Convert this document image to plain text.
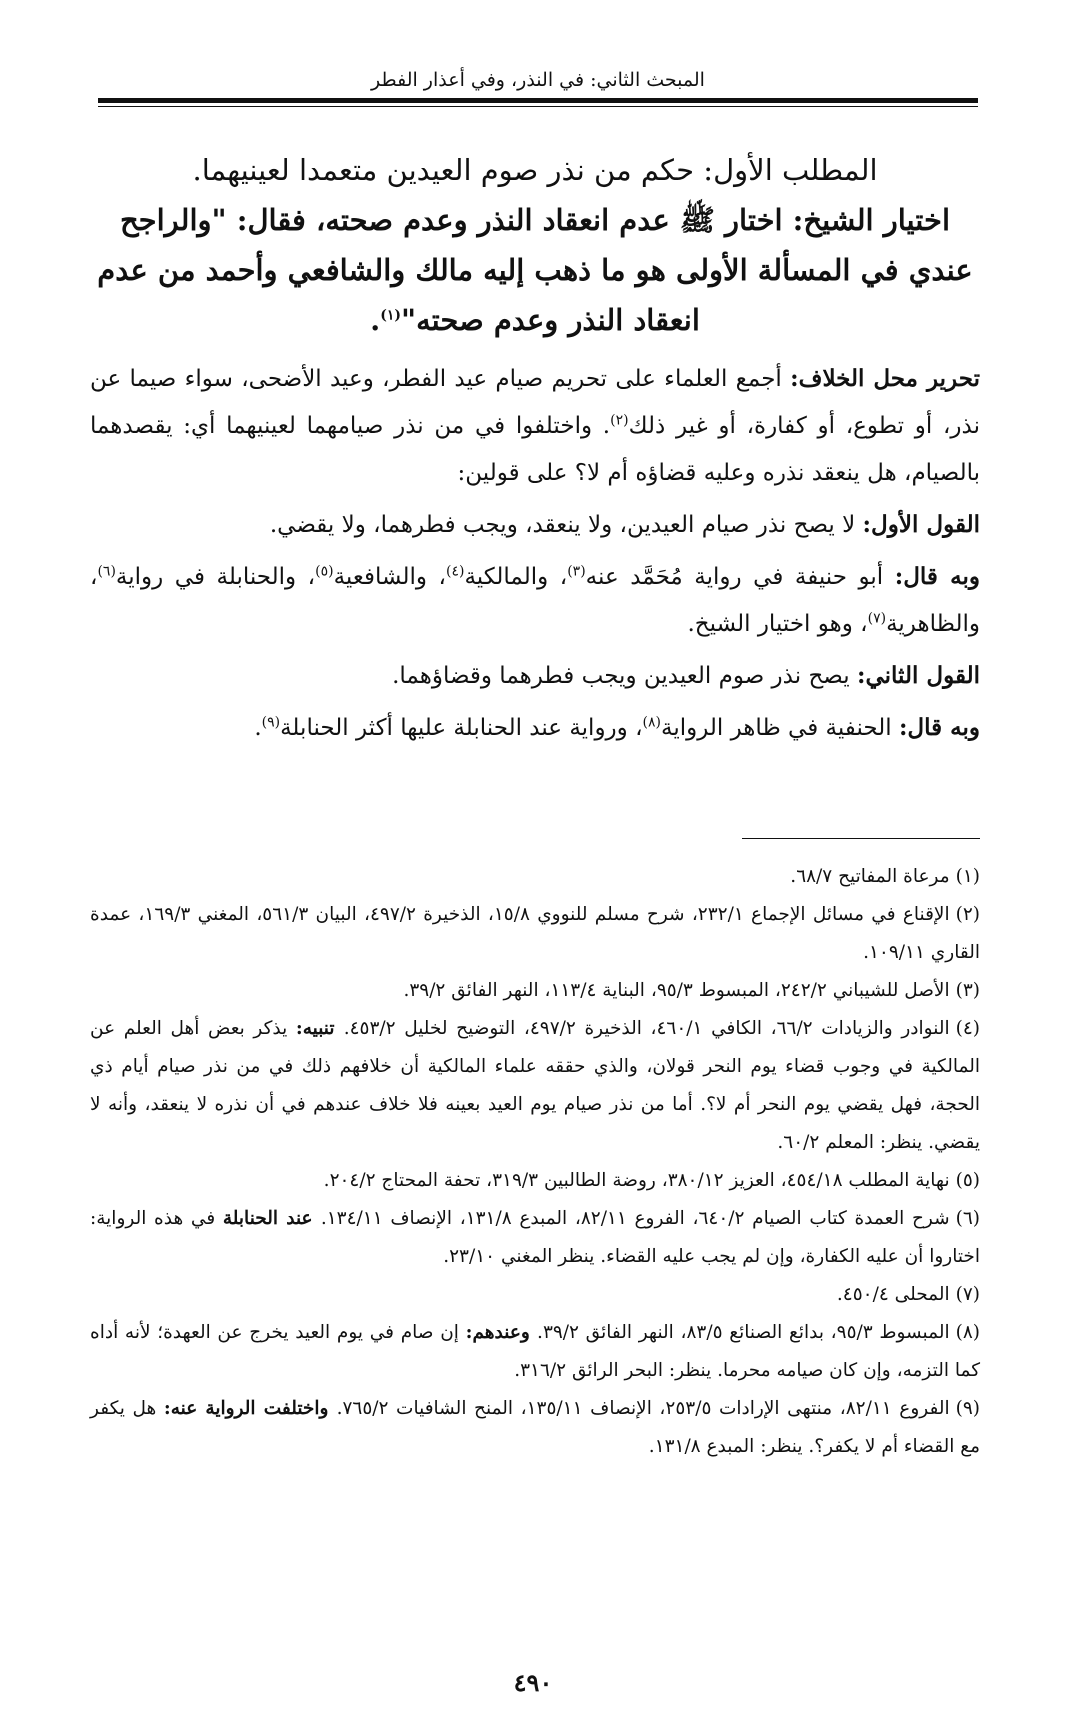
المبحث الثاني: في النذر، وفي أعذار الفطر

المطلب الأول: حكم من نذر صوم العيدين متعمدا لعينيهما.

اختيار الشيخ: اختار ﷺ عدم انعقاد النذر وعدم صحته، فقال: "والراجح عندي في المسألة الأولى هو ما ذهب إليه مالك والشافعي وأحمد من عدم انعقاد النذر وعدم صحته"$^{(١)}$.

تحرير محل الخلاف: أجمع العلماء على تحريم صيام عيد الفطر، وعيد الأضحى، سواء صيما عن نذر، أو تطوع، أو كفارة، أو غير ذلك$^{(٢)}$. واختلفوا في من نذر صيامهما لعينيهما أي: يقصدهما بالصيام، هل ينعقد نذره وعليه قضاؤه أم لا؟ على قولين:

القول الأول: لا يصح نذر صيام العيدين، ولا ينعقد، ويجب فطرهما، ولا يقضي.

وبه قال: أبو حنيفة في رواية مُحَمَّد عنه$^{(٣)}$، والمالكية$^{(٤)}$، والشافعية$^{(٥)}$، والحنابلة في رواية$^{(٦)}$، والظاهرية$^{(٧)}$، وهو اختيار الشيخ.

القول الثاني: يصح نذر صوم العيدين ويجب فطرهما وقضاؤهما.

وبه قال: الحنفية في ظاهر الرواية$^{(٨)}$، ورواية عند الحنابلة عليها أكثر الحنابلة$^{(٩)}$.

(١)مرعاة المفاتيح ٦٨/٧.

(٢)الإقناع في مسائل الإجماع ٢٣٢/١، شرح مسلم للنووي ١٥/٨، الذخيرة ٤٩٧/٢، البيان ٥٦١/٣، المغني ١٦٩/٣، عمدة القاري ١٠٩/١١.

(٣)الأصل للشيباني ٢٤٢/٢، المبسوط ٩٥/٣، البناية ١١٣/٤، النهر الفائق ٣٩/٢.

(٤)النوادر والزيادات ٦٦/٢، الكافي ٤٦٠/١، الذخيرة ٤٩٧/٢، التوضيح لخليل ٤٥٣/٢. تنبيه: يذكر بعض أهل العلم عن المالكية في وجوب قضاء يوم النحر قولان، والذي حققه علماء المالكية أن خلافهم ذلك في من نذر صيام أيام ذي الحجة، فهل يقضي يوم النحر أم لا؟. أما من نذر صيام يوم العيد بعينه فلا خلاف عندهم في أن نذره لا ينعقد، وأنه لا يقضي. ينظر: المعلم ٦٠/٢.

(٥)نهاية المطلب ٤٥٤/١٨، العزيز ٣٨٠/١٢، روضة الطالبين ٣١٩/٣، تحفة المحتاج ٢٠٤/٢.

(٦)شرح العمدة كتاب الصيام ٦٤٠/٢، الفروع ٨٢/١١، المبدع ١٣١/٨، الإنصاف ١٣٤/١١. عند الحنابلة في هذه الرواية: اختاروا أن عليه الكفارة، وإن لم يجب عليه القضاء. ينظر المغني ٢٣/١٠.

(٧)المحلى ٤٥٠/٤.

(٨)المبسوط ٩٥/٣، بدائع الصنائع ٨٣/٥، النهر الفائق ٣٩/٢. وعندهم: إن صام في يوم العيد يخرج عن العهدة؛ لأنه أداه كما التزمه، وإن كان صيامه محرما. ينظر: البحر الرائق ٣١٦/٢.

(٩)الفروع ٨٢/١١، منتهى الإرادات ٢٥٣/٥، الإنصاف ١٣٥/١١، المنح الشافيات ٧٦٥/٢. واختلفت الرواية عنه: هل يكفر مع القضاء أم لا يكفر؟. ينظر: المبدع ١٣١/٨.

٤٩٠
